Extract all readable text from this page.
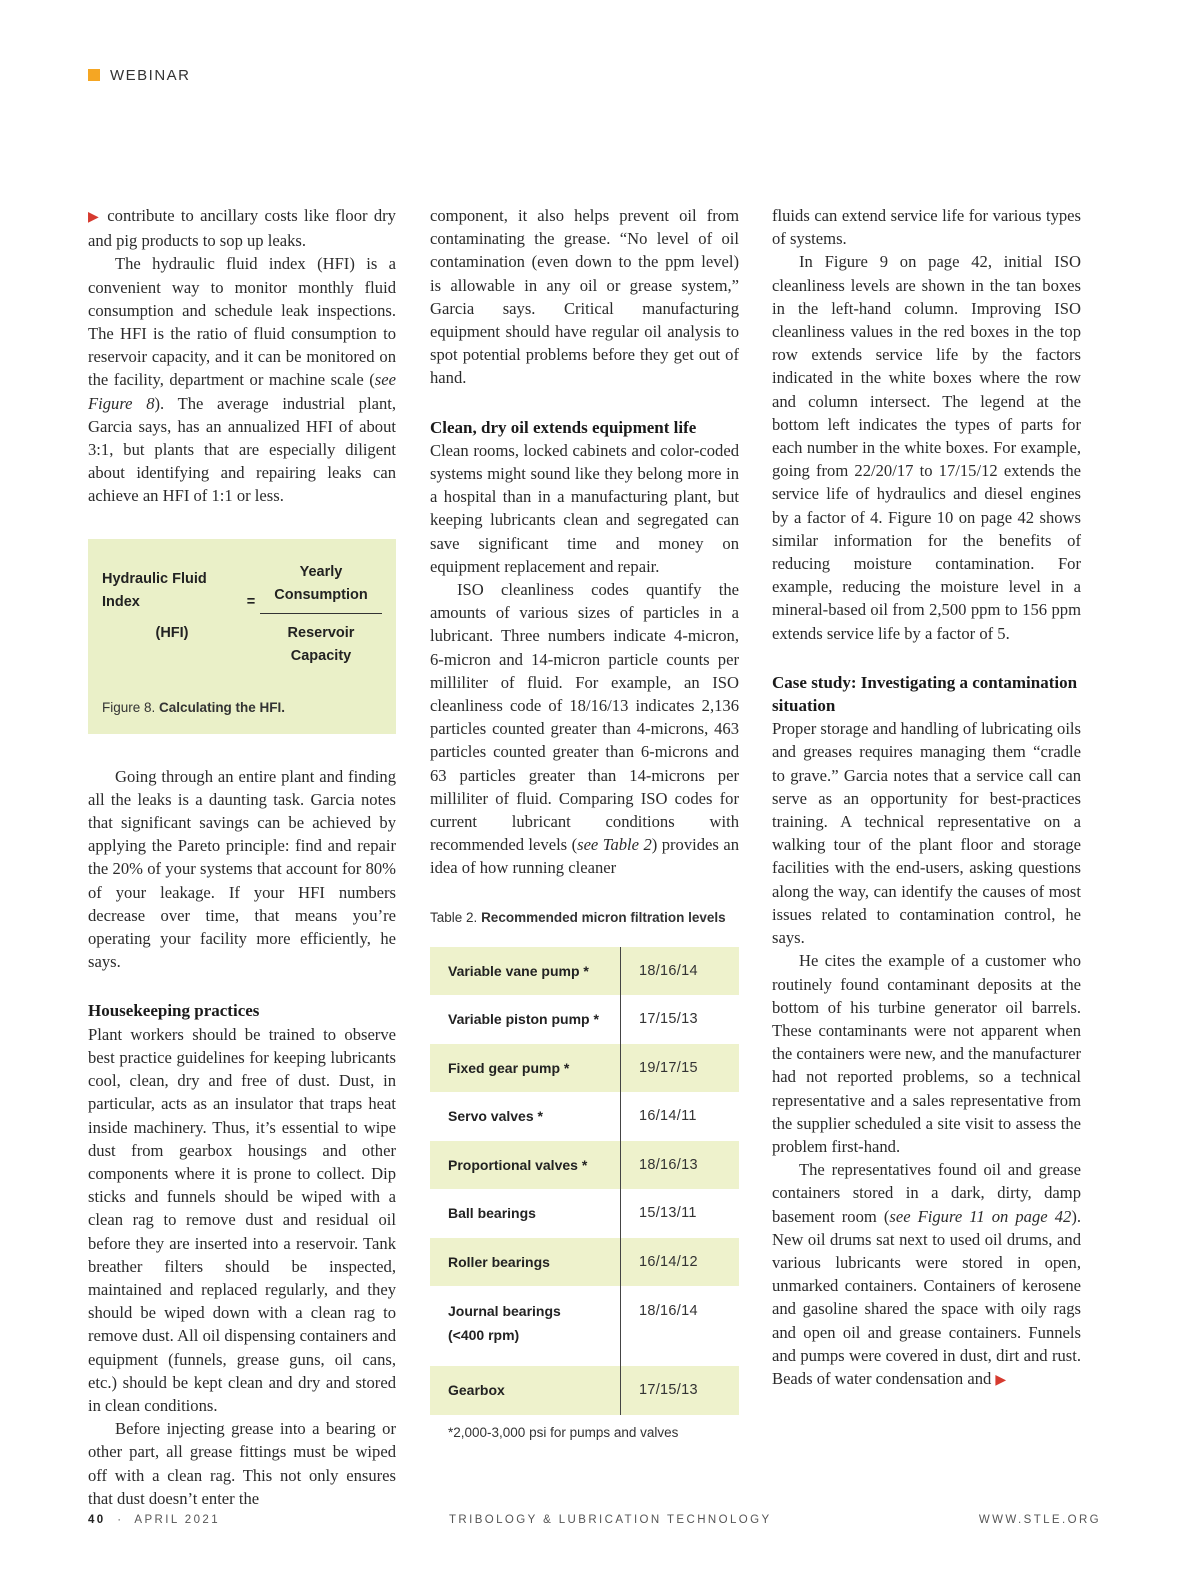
WEBINAR

▶ contribute to ancillary costs like floor dry and pig products to sop up leaks.

The hydraulic fluid index (HFI) is a convenient way to monitor monthly fluid consumption and schedule leak inspections. The HFI is the ratio of fluid consumption to reservoir capacity, and it can be monitored on the facility, department or machine scale (see Figure 8). The average industrial plant, Garcia says, has an annualized HFI of about 3:1, but plants that are especially diligent about identifying and repairing leaks can achieve an HFI of 1:1 or less.

Hydraulic Fluid Index	=
Yearly Consumption
(HFI)	Reservoir Capacity
Figure 8. Calculating the HFI.

Going through an entire plant and finding all the leaks is a daunting task. Garcia notes that significant savings can be achieved by applying the Pareto principle: find and repair the 20% of your systems that account for 80% of your leakage. If your HFI numbers decrease over time, that means you’re operating your facility more efficiently, he says.

Housekeeping practices

Plant workers should be trained to observe best practice guidelines for keeping lubricants cool, clean, dry and free of dust. Dust, in particular, acts as an insulator that traps heat inside machinery. Thus, it’s essential to wipe dust from gearbox housings and other components where it is prone to collect. Dip sticks and funnels should be wiped with a clean rag to remove dust and residual oil before they are inserted into a reservoir. Tank breather filters should be inspected, maintained and replaced regularly, and they should be wiped down with a clean rag to remove dust. All oil dispensing containers and equipment (funnels, grease guns, oil cans, etc.) should be kept clean and dry and stored in clean conditions.

Before injecting grease into a bearing or other part, all grease fittings must be wiped off with a clean rag. This not only ensures that dust doesn’t enter the

component, it also helps prevent oil from contaminating the grease. “No level of oil contamination (even down to the ppm level) is allowable in any oil or grease system,” Garcia says. Critical manufacturing equipment should have regular oil analysis to spot potential problems before they get out of hand.

Clean, dry oil extends equipment life

Clean rooms, locked cabinets and color-coded systems might sound like they belong more in a hospital than in a manufacturing plant, but keeping lubricants clean and segregated can save significant time and money on equipment replacement and repair.

ISO cleanliness codes quantify the amounts of various sizes of particles in a lubricant. Three numbers indicate 4-micron, 6-micron and 14-micron particle counts per milliliter of fluid. For example, an ISO cleanliness code of 18/16/13 indicates 2,136 particles counted greater than 4-microns, 463 particles counted greater than 6-microns and 63 particles greater than 14-microns per milliliter of fluid. Comparing ISO codes for current lubricant conditions with recommended levels (see Table 2) provides an idea of how running cleaner

Table 2. Recommended micron filtration levels
Variable vane pump *	18/16/14
Variable piston pump *	17/15/13
Fixed gear pump *	19/17/15
Servo valves *	16/14/11
Proportional valves *	18/16/13
Ball bearings	15/13/11
Roller bearings	16/14/12
Journal bearings
(<400 rpm)	18/16/14
Gearbox	17/15/13
*2,000-3,000 psi for pumps and valves

fluids can extend service life for various types of systems.

In Figure 9 on page 42, initial ISO cleanliness levels are shown in the tan boxes in the left-hand column. Improving ISO cleanliness values in the red boxes in the top row extends service life by the factors indicated in the white boxes where the row and column intersect. The legend at the bottom left indicates the types of parts for each number in the white boxes. For example, going from 22/20/17 to 17/15/12 extends the service life of hydraulics and diesel engines by a factor of 4. Figure 10 on page 42 shows similar information for the benefits of reducing moisture contamination. For example, reducing the moisture level in a mineral-based oil from 2,500 ppm to 156 ppm extends service life by a factor of 5.

Case study: Investigating a contamination situation

Proper storage and handling of lubricating oils and greases requires managing them “cradle to grave.” Garcia notes that a service call can serve as an opportunity for best-practices training. A technical representative on a walking tour of the plant floor and storage facilities with the end-users, asking questions along the way, can identify the causes of most issues related to contamination control, he says.

He cites the example of a customer who routinely found contaminant deposits at the bottom of his turbine generator oil barrels. These contaminants were not apparent when the containers were new, and the manufacturer had not reported problems, so a technical representative and a sales representative from the supplier scheduled a site visit to assess the problem first-hand.

The representatives found oil and grease containers stored in a dark, dirty, damp basement room (see Figure 11 on page 42). New oil drums sat next to used oil drums, and various lubricants were stored in open, unmarked containers. Containers of kerosene and gasoline shared the space with oily rags and open oil and grease containers. Funnels and pumps were covered in dust, dirt and rust. Beads of water condensation and ▶

40 · APRIL 2021	TRIBOLOGY & LUBRICATION TECHNOLOGY	WWW.STLE.ORG
